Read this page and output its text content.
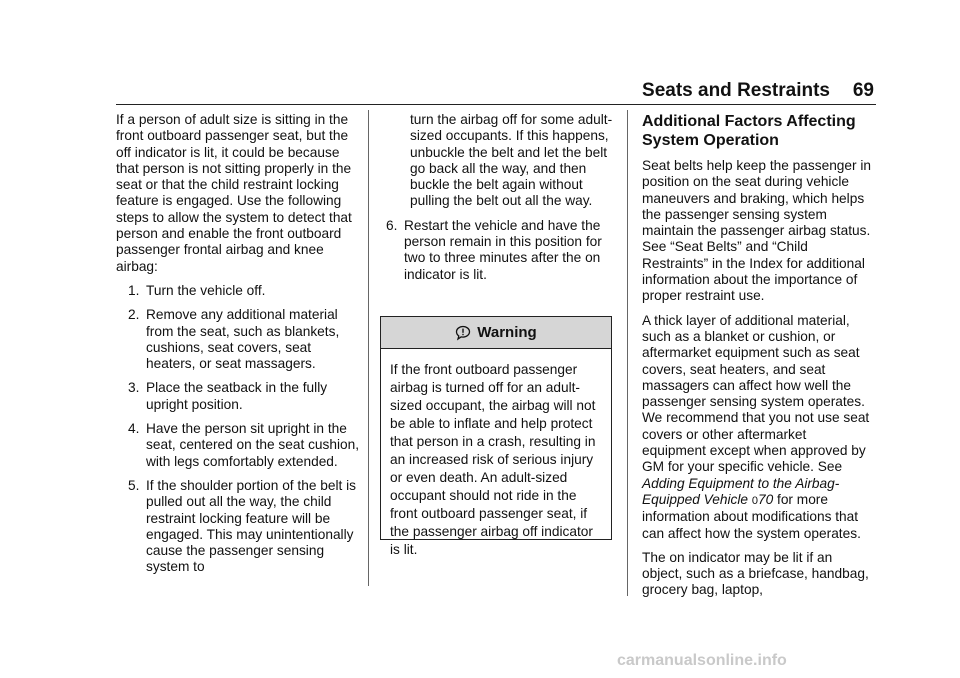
Seats and Restraints 69

If a person of adult size is sitting in the front outboard passenger seat, but the off indicator is lit, it could be because that person is not sitting properly in the seat or that the child restraint locking feature is engaged. Use the following steps to allow the system to detect that person and enable the front outboard passenger frontal airbag and knee airbag:

1. Turn the vehicle off.
2. Remove any additional material from the seat, such as blankets, cushions, seat covers, seat heaters, or seat massagers.
3. Place the seatback in the fully upright position.
4. Have the person sit upright in the seat, centered on the seat cushion, with legs comfortably extended.
5. If the shoulder portion of the belt is pulled out all the way, the child restraint locking feature will be engaged. This may unintentionally cause the passenger sensing system to
turn the airbag off for some adult-sized occupants. If this happens, unbuckle the belt and let the belt go back all the way, and then buckle the belt again without pulling the belt out all the way.
6. Restart the vehicle and have the person remain in this position for two to three minutes after the on indicator is lit.
Warning
If the front outboard passenger airbag is turned off for an adult-sized occupant, the airbag will not be able to inflate and help protect that person in a crash, resulting in an increased risk of serious injury or even death. An adult-sized occupant should not ride in the front outboard passenger seat, if the passenger airbag off indicator is lit.
Additional Factors Affecting System Operation

Seat belts help keep the passenger in position on the seat during vehicle maneuvers and braking, which helps the passenger sensing system maintain the passenger airbag status. See “Seat Belts” and “Child Restraints” in the Index for additional information about the importance of proper restraint use.

A thick layer of additional material, such as a blanket or cushion, or aftermarket equipment such as seat covers, seat heaters, and seat massagers can affect how well the passenger sensing system operates. We recommend that you not use seat covers or other aftermarket equipment except when approved by GM for your specific vehicle. See Adding Equipment to the Airbag-Equipped Vehicle 070 for more information about modifications that can affect how the system operates.

The on indicator may be lit if an object, such as a briefcase, handbag, grocery bag, laptop,

carmanualsonline.info
